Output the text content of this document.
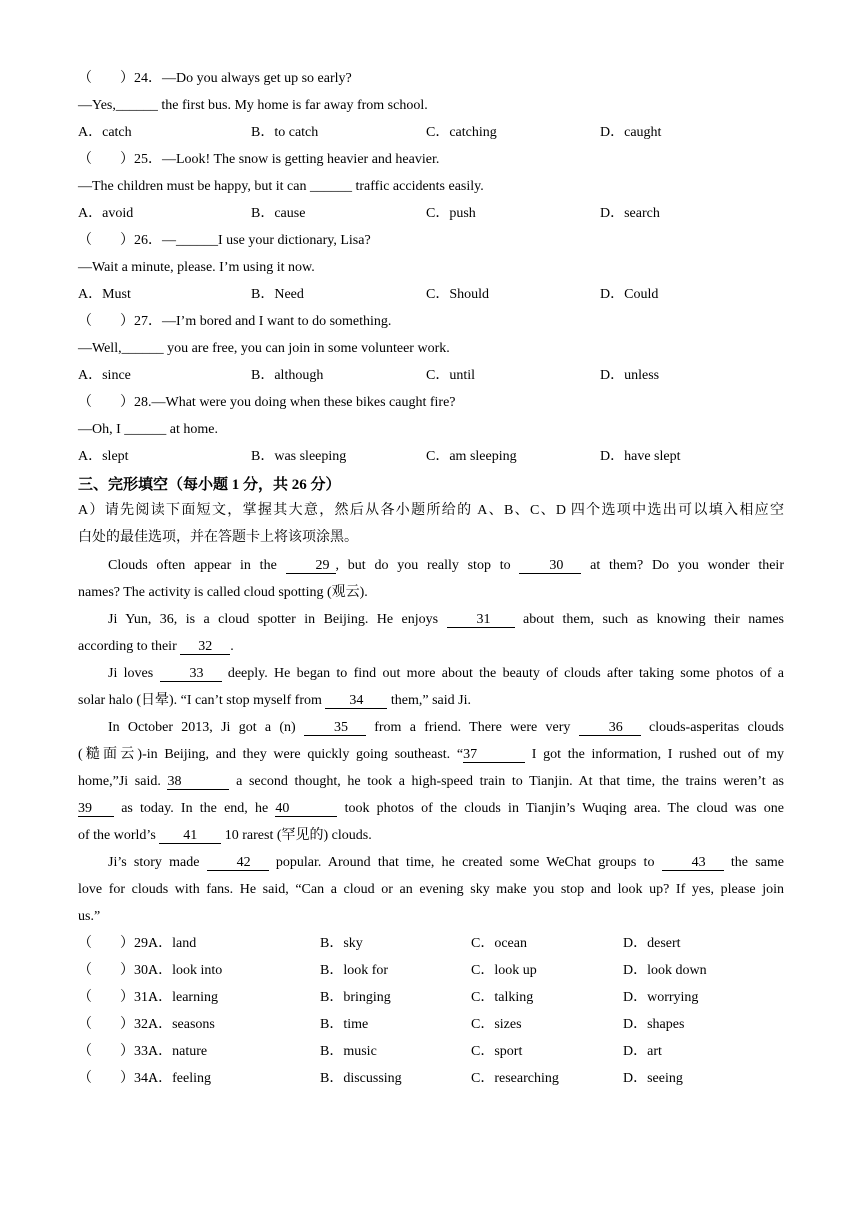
（　　）24．—Do you always get up so early?
—Yes,______ the first bus. My home is far away from school.
A．catch	B．to catch	C．catching	D．caught
（　　）25．—Look! The snow is getting heavier and heavier.
—The children must be happy, but it can ______ traffic accidents easily.
A．avoid	B．cause	C．push	D．search
（　　）26．—______I use your dictionary, Lisa?
—Wait a minute, please. I’m using it now.
A．Must	B．Need	C．Should	D．Could
（　　）27．—I’m bored and I want to do something.
—Well,______ you are free, you can join in some volunteer work.
A．since	B．although	C．until	D．unless
（　　）28.—What were you doing when these bikes caught fire?
—Oh, I ______ at home.
A．slept	B．was sleeping	C．am sleeping	D．have slept
三、完形填空（每小题 1 分，共 26 分）
A）请先阅读下面短文，掌握其大意，然后从各小题所给的 A、B、C、D 四个选项中选出可以填入相应空
白处的最佳选项，并在答题卡上将该项涂黑。
Clouds often appear in the 29 , but do you really stop to 30 at them? Do you wonder their
names? The activity is called cloud spotting (观云).
Ji Yun, 36, is a cloud spotter in Beijing. He enjoys 31 about them, such as knowing their names
according to their 32 .
Ji loves 33 deeply. He began to find out more about the beauty of clouds after taking some photos of a
solar halo (日晕). “I can’t stop myself from 34 them,” said Ji.
In October 2013, Ji got a (n) 35 from a friend. There were very 36 clouds-asperitas clouds
(糙面云)-in Beijing, and they were quickly going southeast. “37	I got the information, I rushed out of my
home,”Ji said. 38	a second thought, he took a high-speed train to Tianjin. At that time, the trains weren’t as
39 as today. In the end, he 40	took photos of the clouds in Tianjin’s Wuqing area. The cloud was one
of the world’s 41 10 rarest (罕见的) clouds.
Ji’s story made 42 popular. Around that time, he created some WeChat groups to 43 the same
love for clouds with fans. He said, “Can a cloud or an evening sky make you stop and look up? If yes, please join
us.”
（　　）29．
A．land	B．sky	C．ocean	D．desert
（　　）30．
A．look into	B．look for	C．look up	D．look down
（　　）31．
A．learning	B．bringing	C．talking	D．worrying
（　　）32．
A．seasons	B．time	C．sizes	D．shapes
（　　）33．
A．nature	B．music	C．sport	D．art
（　　）34．
A．feeling	B．discussing	C．researching	D．seeing
